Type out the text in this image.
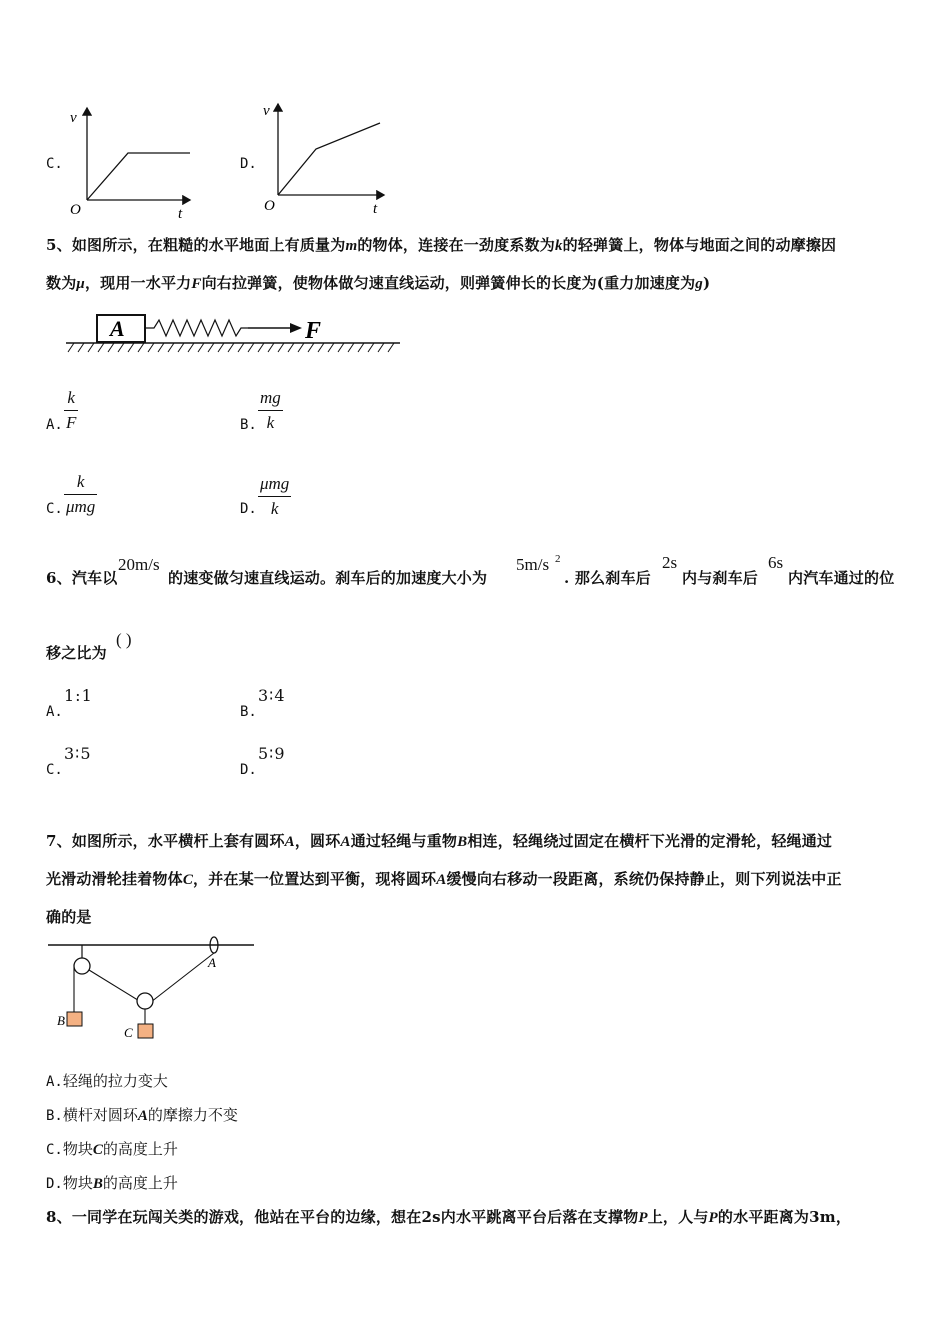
C.
v
O	t
D.
v
O	t
5、如图所示，在粗糙的水平地面上有质量为m的物体，连接在一劲度系数为k的轻弹簧上，物体与地面之间的动摩擦因
数为μ，现用一水平力F向右拉弹簧，使物体做匀速直线运动，则弹簧伸长的长度为(重力加速度为g)
A	F
A.
k
F	B.
mg
k
C.
k
μmg	D.
μmg
k
6、汽车以
20m/s
的速变做匀速直线运动。刹车后的加速度大小为
5m/s 2
. 那么刹车后
2s
内与刹车后
6s
内汽车通过的位
移之比为
( )
A.
1:1
B.
3∶4
C.
3∶5
D.
5∶9
7、如图所示，水平横杆上套有圆环A，圆环A通过轻绳与重物B相连，轻绳绕过固定在横杆下光滑的定滑轮，轻绳通过
光滑动滑轮挂着物体C，并在某一位置达到平衡，现将圆环A缓慢向右移动一段距离，系统仍保持静止，则下列说法中正
确的是
A
B
C
A.轻绳的拉力变大
B.横杆对圆环A的摩擦力不变
C.物块C的高度上升
D.物块B的高度上升
8、一同学在玩闯关类的游戏，他站在平台的边缘，想在2s内水平跳离平台后落在支撑物P上，人与P的水平距离为3m，
